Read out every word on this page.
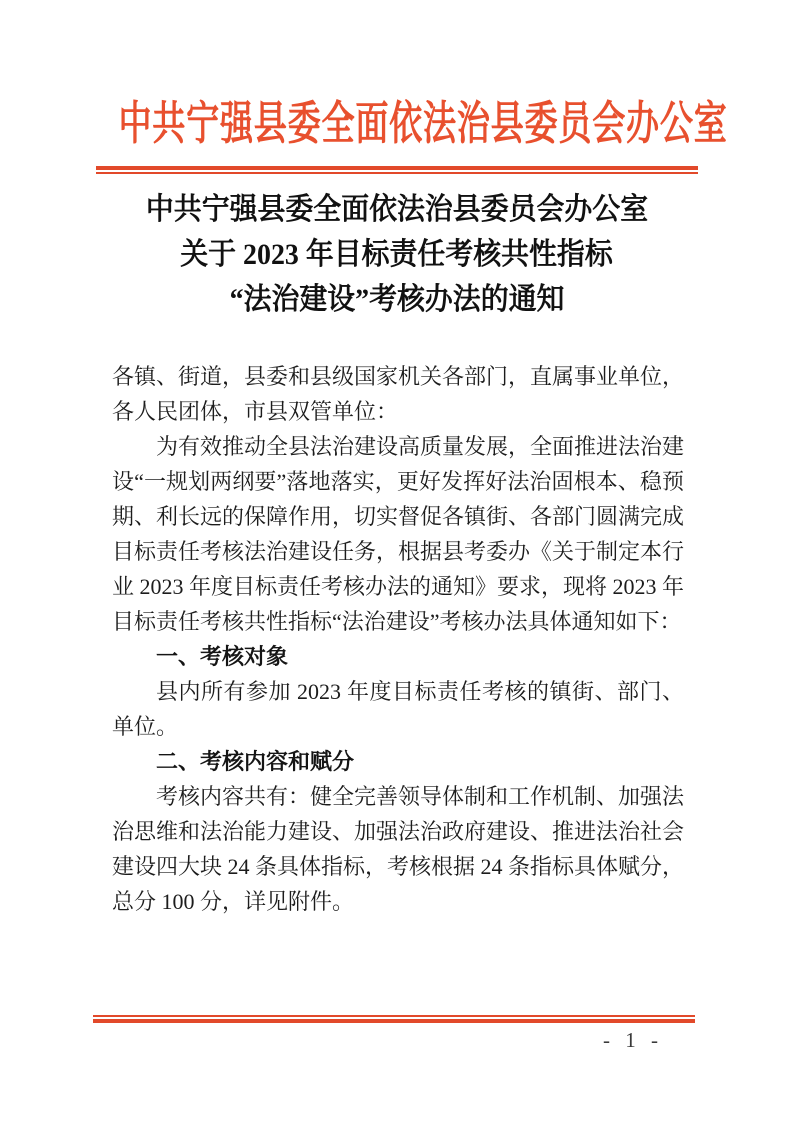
中共宁强县委全面依法治县委员会办公室
中共宁强县委全面依法治县委员会办公室
关于 2023 年目标责任考核共性指标
“法治建设”考核办法的通知

各镇、街道，县委和县级国家机关各部门，直属事业单位，各人民团体，市县双管单位：

为有效推动全县法治建设高质量发展，全面推进法治建设“一规划两纲要”落地落实，更好发挥好法治固根本、稳预期、利长远的保障作用，切实督促各镇街、各部门圆满完成目标责任考核法治建设任务，根据县考委办《关于制定本行业 2023 年度目标责任考核办法的通知》要求，现将 2023 年目标责任考核共性指标“法治建设”考核办法具体通知如下：

一、考核对象

县内所有参加 2023 年度目标责任考核的镇街、部门、单位。

二、考核内容和赋分

考核内容共有：健全完善领导体制和工作机制、加强法治思维和法治能力建设、加强法治政府建设、推进法治社会建设四大块 24 条具体指标，考核根据 24 条指标具体赋分，总分 100 分，详见附件。

- 1 -
